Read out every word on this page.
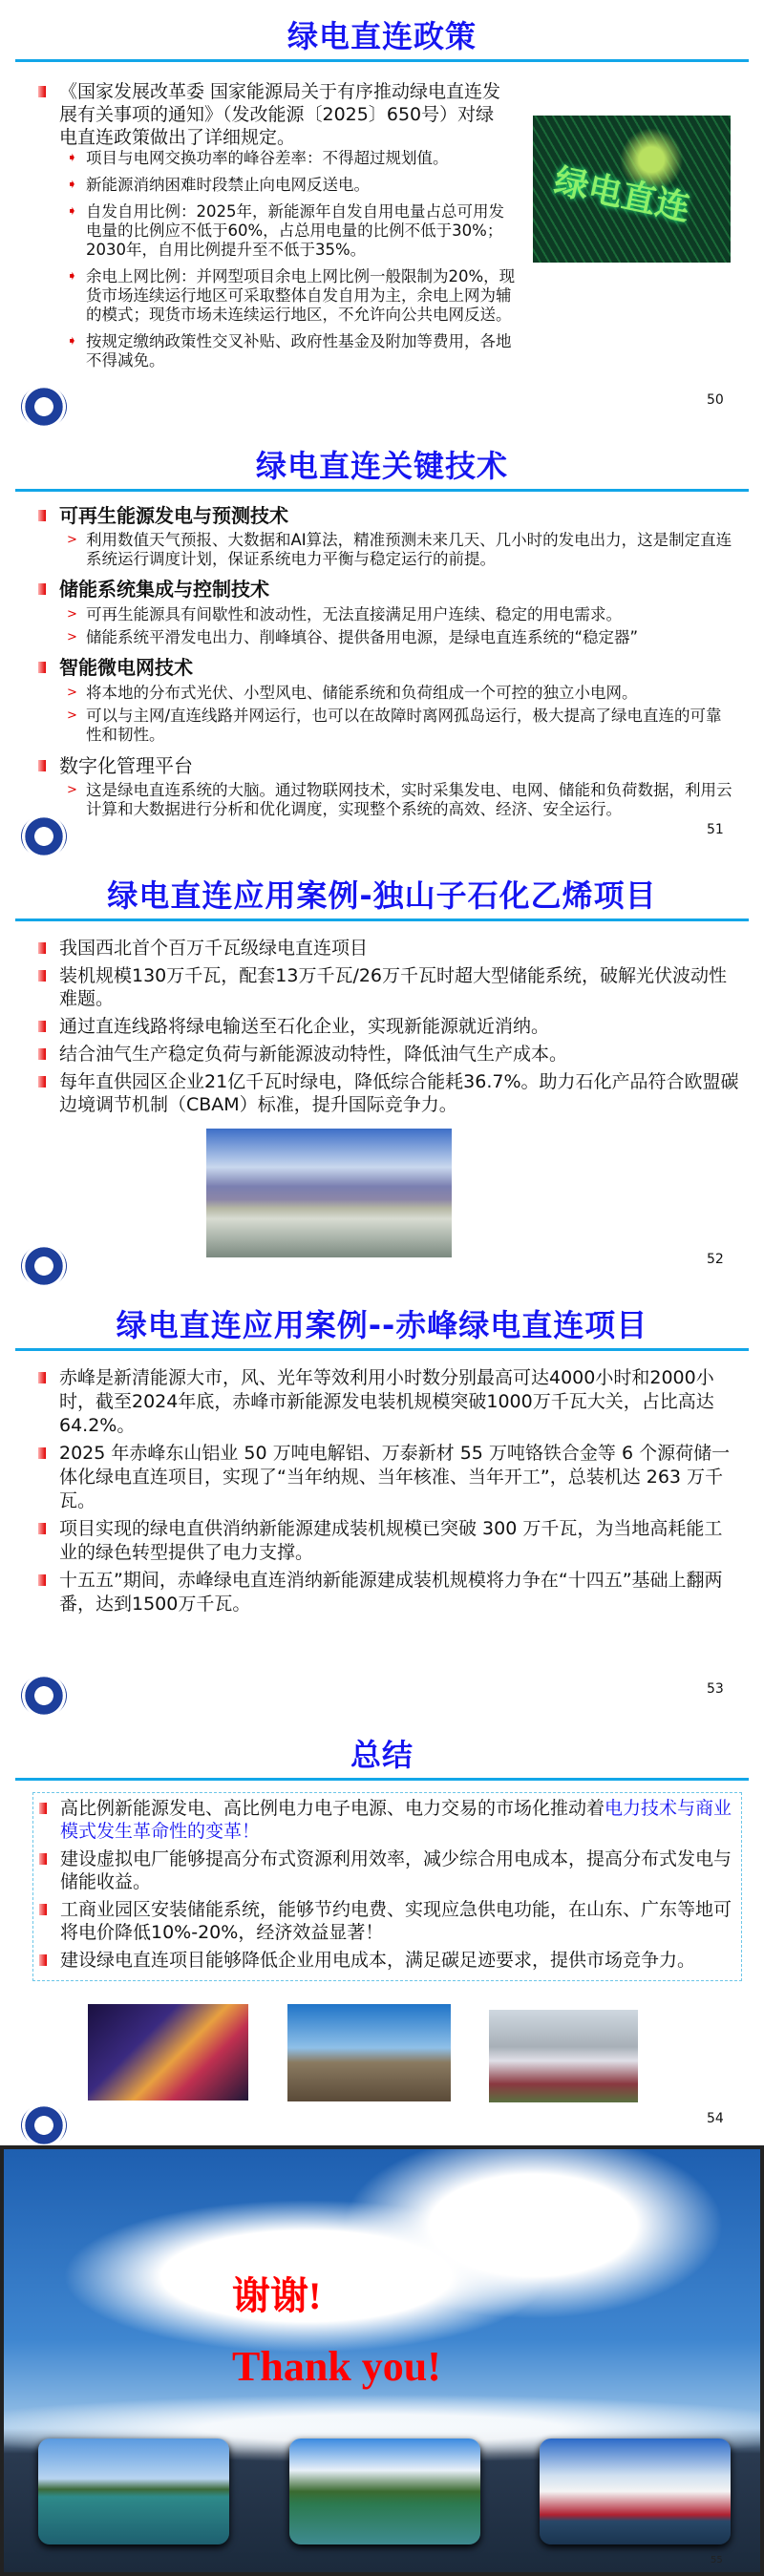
绿电直连政策
《国家发展改革委 国家能源局关于有序推动绿电直连发展有关事项的通知》（发改能源〔2025〕650号）对绿电直连政策做出了详细规定。
➧ 项目与电网交换功率的峰谷差率：不得超过规划值。
➧ 新能源消纳困难时段禁止向电网反送电。
➧ 自发自用比例：2025年，新能源年自发自用电量占总可用发电量的比例应不低于60%，占总用电量的比例不低于30%；2030年，自用比例提升至不低于35%。
➧ 余电上网比例：并网型项目余电上网比例一般限制为20%，现货市场连续运行地区可采取整体自发自用为主，余电上网为辅的模式；现货市场未连续运行地区，不允许向公共电网反送。
➧ 按规定缴纳政策性交叉补贴、政府性基金及附加等费用，各地不得减免。
绿电直连
50
绿电直连关键技术
可再生能源发电与预测技术
> 利用数值天气预报、大数据和AI算法，精准预测未来几天、几小时的发电出力，这是制定直连系统运行调度计划，保证系统电力平衡与稳定运行的前提。
储能系统集成与控制技术
> 可再生能源具有间歇性和波动性，无法直接满足用户连续、稳定的用电需求。
> 储能系统平滑发电出力、削峰填谷、提供备用电源，是绿电直连系统的“稳定器”
智能微电网技术
> 将本地的分布式光伏、小型风电、储能系统和负荷组成一个可控的独立小电网。
> 可以与主网/直连线路并网运行，也可以在故障时离网孤岛运行，极大提高了绿电直连的可靠性和韧性。
数字化管理平台
> 这是绿电直连系统的大脑。通过物联网技术，实时采集发电、电网、储能和负荷数据，利用云计算和大数据进行分析和优化调度，实现整个系统的高效、经济、安全运行。
51
绿电直连应用案例-独山子石化乙烯项目
我国西北首个百万千瓦级绿电直连项目
装机规模130万千瓦，配套13万千瓦/26万千瓦时超大型储能系统，破解光伏波动性难题。
通过直连线路将绿电输送至石化企业，实现新能源就近消纳。
结合油气生产稳定负荷与新能源波动特性，降低油气生产成本。
每年直供园区企业21亿千瓦时绿电，降低综合能耗36.7%。助力石化产品符合欧盟碳边境调节机制（CBAM）标准，提升国际竞争力。
52
绿电直连应用案例--赤峰绿电直连项目
赤峰是新清能源大市，风、光年等效利用小时数分别最高可达4000小时和2000小时，截至2024年底，赤峰市新能源发电装机规模突破1000万千瓦大关，占比高达64.2%。
2025 年赤峰东山铝业 50 万吨电解铝、万泰新材 55 万吨铬铁合金等 6 个源荷储一体化绿电直连项目，实现了“当年纳规、当年核准、当年开工”，总装机达 263 万千瓦。
项目实现的绿电直供消纳新能源建成装机规模已突破 300 万千瓦，为当地高耗能工业的绿色转型提供了电力支撑。
十五五”期间，赤峰绿电直连消纳新能源建成装机规模将力争在“十四五”基础上翻两番，达到1500万千瓦。
53
总结
高比例新能源发电、高比例电力电子电源、电力交易的市场化推动着电力技术与商业模式发生革命性的变革！
建设虚拟电厂能够提高分布式资源利用效率，减少综合用电成本，提高分布式发电与储能收益。
工商业园区安装储能系统，能够节约电费、实现应急供电功能，在山东、广东等地可将电价降低10%-20%，经济效益显著！
建设绿电直连项目能够降低企业用电成本，满足碳足迹要求，提供市场竞争力。
54
谢谢!
Thank you!
55
